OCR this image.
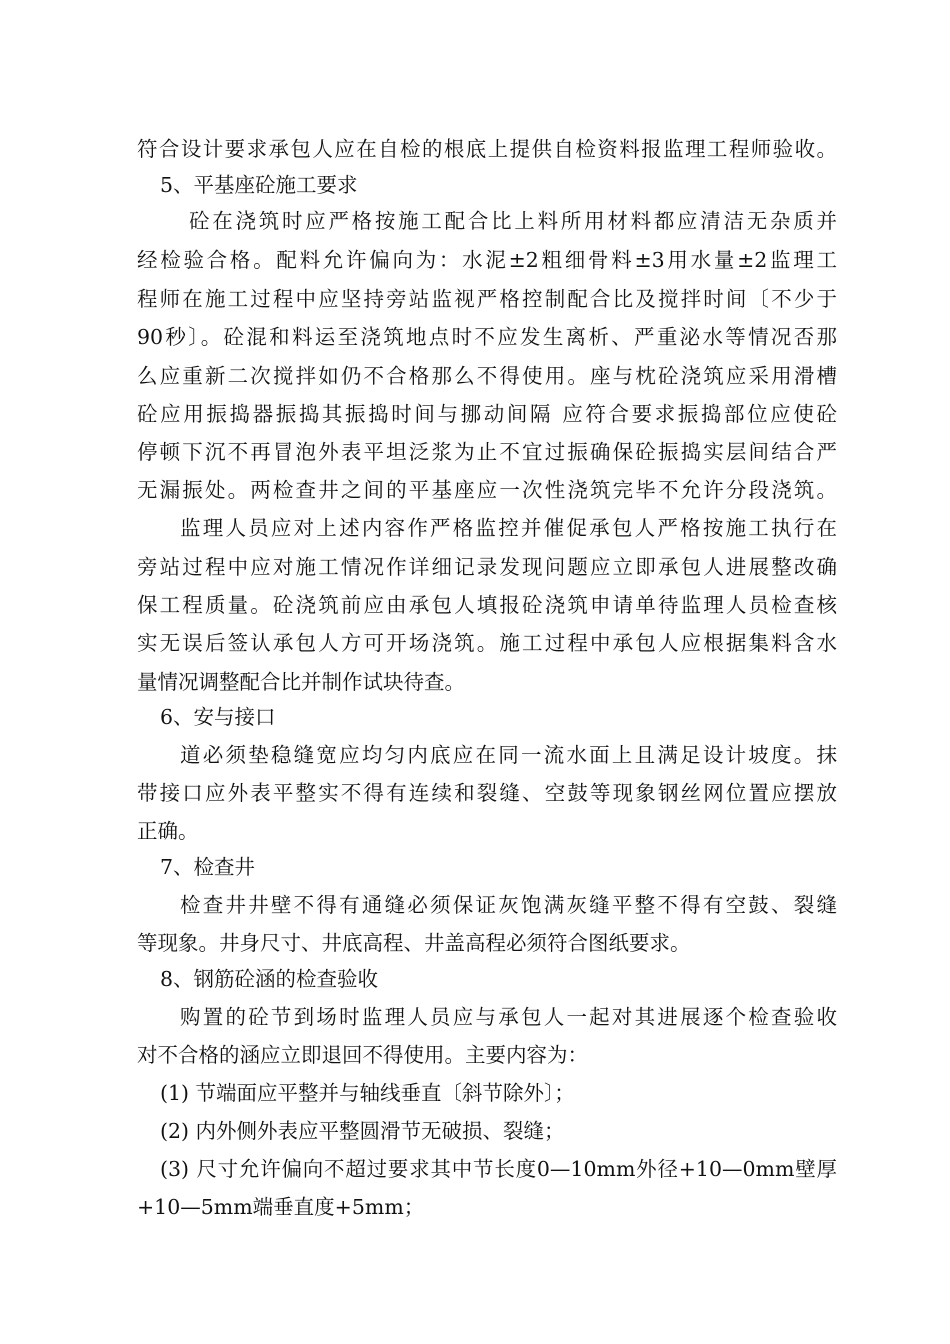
符合设计要求承包人应在自检的根底上提供自检资料报监理工程师验收。
5、平基座砼施工要求
砼在浇筑时应严格按施工配合比上料所用材料都应清洁无杂质并
经检验合格。配料允许偏向为：水泥±2粗细骨料±3用水量±2监理工
程师在施工过程中应坚持旁站监视严格控制配合比及搅拌时间〔不少于
90秒〕。砼混和料运至浇筑地点时不应发生离析、严重泌水等情况否那
么应重新二次搅拌如仍不合格那么不得使用。座与枕砼浇筑应采用滑槽
砼应用振捣器振捣其振捣时间与挪动间隔 应符合要求振捣部位应使砼
停顿下沉不再冒泡外表平坦泛浆为止不宜过振确保砼振捣实层间结合严
无漏振处。两检查井之间的平基座应一次性浇筑完毕不允许分段浇筑。
监理人员应对上述内容作严格监控并催促承包人严格按施工执行在
旁站过程中应对施工情况作详细记录发现问题应立即承包人进展整改确
保工程质量。砼浇筑前应由承包人填报砼浇筑申请单待监理人员检查核
实无误后签认承包人方可开场浇筑。施工过程中承包人应根据集料含水
量情况调整配合比并制作试块待查。
6、安与接口
道必须垫稳缝宽应均匀内底应在同一流水面上且满足设计坡度。抹
带接口应外表平整实不得有连续和裂缝、空鼓等现象钢丝网位置应摆放
正确。
7、检查井
检查井井壁不得有通缝必须保证灰饱满灰缝平整不得有空鼓、裂缝
等现象。井身尺寸、井底高程、井盖高程必须符合图纸要求。
8、钢筋砼涵的检查验收
购置的砼节到场时监理人员应与承包人一起对其进展逐个检查验收
对不合格的涵应立即退回不得使用。主要内容为：
(1) 节端面应平整并与轴线垂直〔斜节除外〕；
(2) 内外侧外表应平整圆滑节无破损、裂缝；
(3) 尺寸允许偏向不超过要求其中节长度0—10mm外径+10—0mm壁厚
+10—5mm端垂直度+5mm；
